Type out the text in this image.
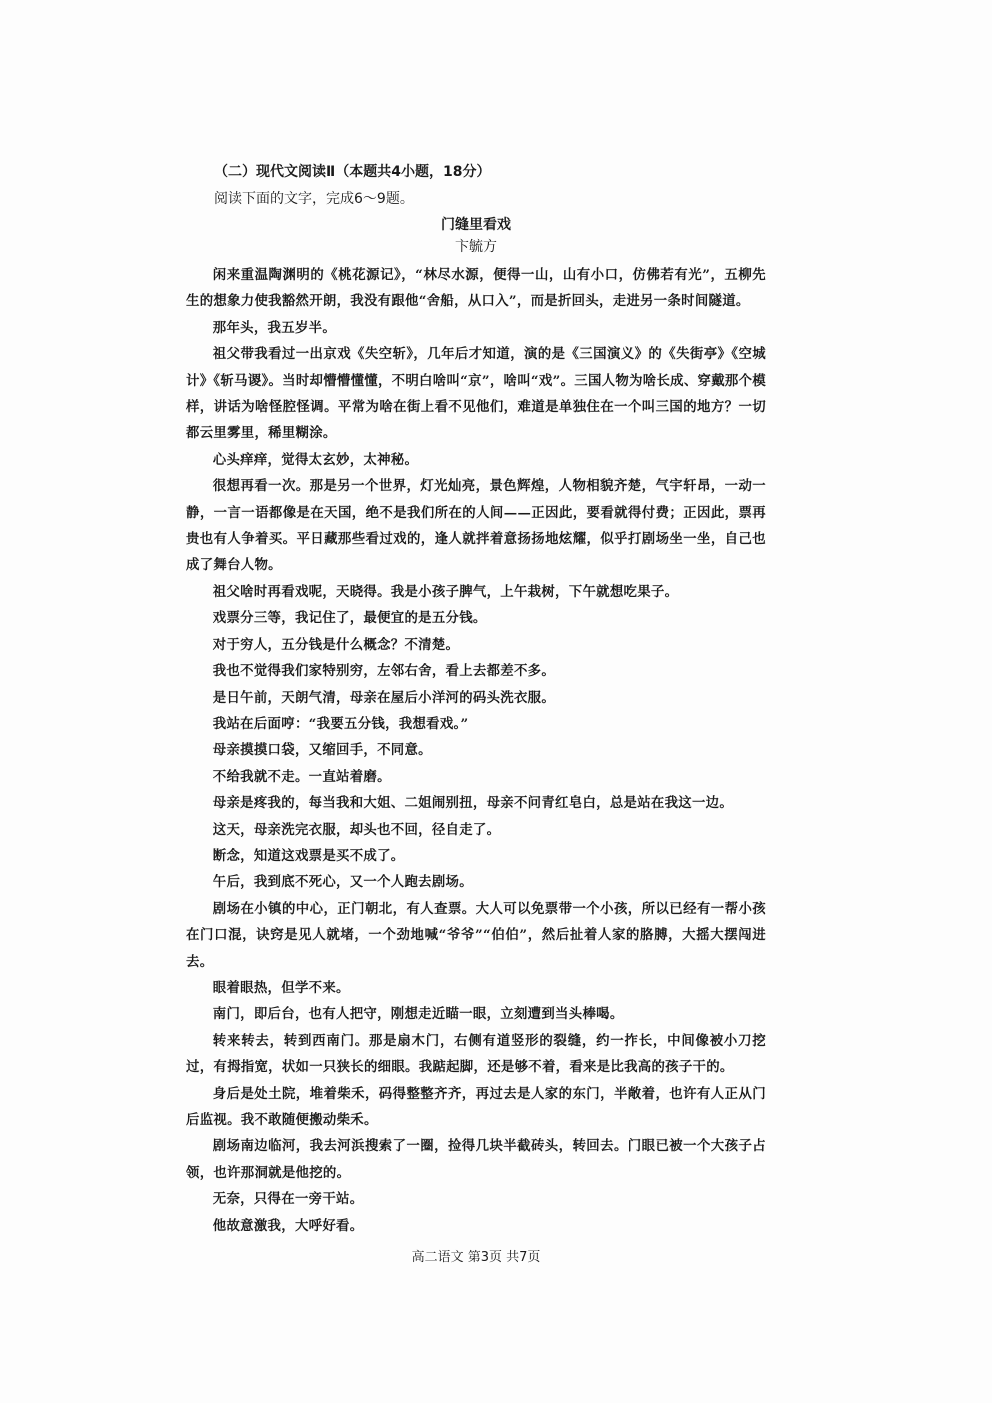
（二）现代文阅读Ⅱ（本题共4小题，18分）
阅读下面的文字，完成6～9题。
门缝里看戏
卞毓方

闲来重温陶渊明的《桃花源记》，“林尽水源，便得一山，山有小口，仿佛若有光”，五柳先生的想象力使我豁然开朗，我没有跟他“舍船，从口入”，而是折回头，走进另一条时间隧道。

那年头，我五岁半。

祖父带我看过一出京戏《失空斩》，几年后才知道，演的是《三国演义》的《失街亭》《空城计》《斩马谡》。当时却懵懵懂懂，不明白啥叫“京”，啥叫“戏”。三国人物为啥长成、穿戴那个模样，讲话为啥怪腔怪调。平常为啥在街上看不见他们，难道是单独住在一个叫三国的地方？一切都云里雾里，稀里糊涂。

心头痒痒，觉得太玄妙，太神秘。

很想再看一次。那是另一个世界，灯光灿亮，景色辉煌，人物相貌齐楚，气宇轩昂，一动一静，一言一语都像是在天国，绝不是我们所在的人间——正因此，要看就得付费；正因此，票再贵也有人争着买。平日藏那些看过戏的，逢人就拌着意扬扬地炫耀，似乎打剧场坐一坐，自己也成了舞台人物。

祖父啥时再看戏呢，天晓得。我是小孩子脾气，上午栽树，下午就想吃果子。

戏票分三等，我记住了，最便宜的是五分钱。

对于穷人，五分钱是什么概念？不清楚。

我也不觉得我们家特别穷，左邻右舍，看上去都差不多。

是日午前，天朗气清，母亲在屋后小洋河的码头洗衣服。

我站在后面哼：“我要五分钱，我想看戏。”

母亲摸摸口袋，又缩回手，不同意。

不给我就不走。一直站着磨。

母亲是疼我的，每当我和大姐、二姐闹别扭，母亲不问青红皂白，总是站在我这一边。

这天，母亲洗完衣服，却头也不回，径自走了。

断念，知道这戏票是买不成了。

午后，我到底不死心，又一个人跑去剧场。

剧场在小镇的中心，正门朝北，有人查票。大人可以免票带一个小孩，所以已经有一帮小孩在门口混，诀窍是见人就堵，一个劲地喊“爷爷”“伯伯”，然后扯着人家的胳膊，大摇大摆闯进去。

眼着眼热，但学不来。

南门，即后台，也有人把守，刚想走近瞄一眼，立刻遭到当头棒喝。

转来转去，转到西南门。那是扇木门，右侧有道竖形的裂缝，约一拃长，中间像被小刀挖过，有拇指宽，状如一只狭长的细眼。我踮起脚，还是够不着，看来是比我高的孩子干的。

身后是处土院，堆着柴禾，码得整整齐齐，再过去是人家的东门，半敞着，也许有人正从门后监视。我不敢随便搬动柴禾。

剧场南边临河，我去河浜搜索了一圈，捡得几块半截砖头，转回去。门眼已被一个大孩子占领，也许那洞就是他挖的。

无奈，只得在一旁干站。

他故意激我，大呼好看。

高二语文 第3页 共7页
